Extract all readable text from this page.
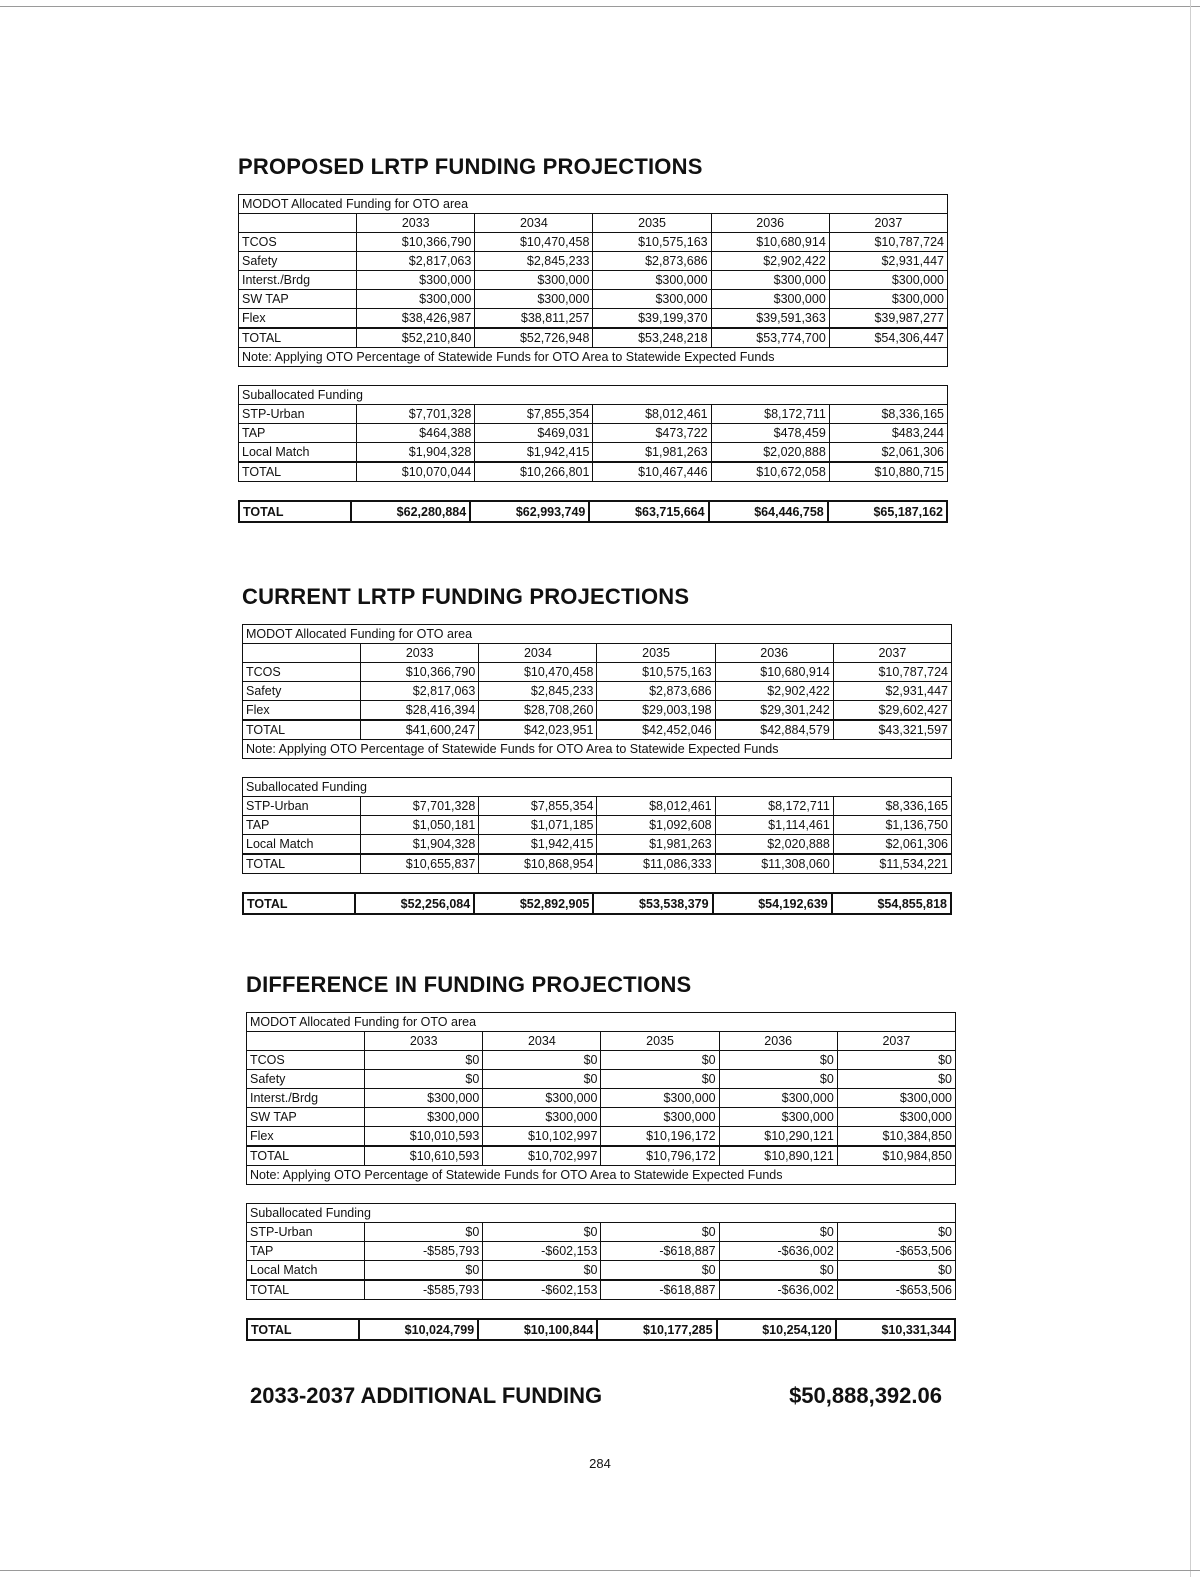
PROPOSED LRTP FUNDING PROJECTIONS
MODOT Allocated Funding for OTO area					
	2033	2034	2035	2036	2037
TCOS	$10,366,790	$10,470,458	$10,575,163	$10,680,914	$10,787,724
Safety	$2,817,063	$2,845,233	$2,873,686	$2,902,422	$2,931,447
Interst./Brdg	$300,000	$300,000	$300,000	$300,000	$300,000
SW TAP	$300,000	$300,000	$300,000	$300,000	$300,000
Flex	$38,426,987	$38,811,257	$39,199,370	$39,591,363	$39,987,277
TOTAL	$52,210,840	$52,726,948	$53,248,218	$53,774,700	$54,306,447
Note: Applying OTO Percentage of Statewide Funds for OTO Area to Statewide Expected Funds					
Suballocated Funding					
STP-Urban	$7,701,328	$7,855,354	$8,012,461	$8,172,711	$8,336,165
TAP	$464,388	$469,031	$473,722	$478,459	$483,244
Local Match	$1,904,328	$1,942,415	$1,981,263	$2,020,888	$2,061,306
TOTAL	$10,070,044	$10,266,801	$10,467,446	$10,672,058	$10,880,715
TOTAL	$62,280,884	$62,993,749	$63,715,664	$64,446,758	$65,187,162
CURRENT LRTP FUNDING PROJECTIONS
MODOT Allocated Funding for OTO area					
	2033	2034	2035	2036	2037
TCOS	$10,366,790	$10,470,458	$10,575,163	$10,680,914	$10,787,724
Safety	$2,817,063	$2,845,233	$2,873,686	$2,902,422	$2,931,447
Flex	$28,416,394	$28,708,260	$29,003,198	$29,301,242	$29,602,427
TOTAL	$41,600,247	$42,023,951	$42,452,046	$42,884,579	$43,321,597
Note: Applying OTO Percentage of Statewide Funds for OTO Area to Statewide Expected Funds					
Suballocated Funding					
STP-Urban	$7,701,328	$7,855,354	$8,012,461	$8,172,711	$8,336,165
TAP	$1,050,181	$1,071,185	$1,092,608	$1,114,461	$1,136,750
Local Match	$1,904,328	$1,942,415	$1,981,263	$2,020,888	$2,061,306
TOTAL	$10,655,837	$10,868,954	$11,086,333	$11,308,060	$11,534,221
TOTAL	$52,256,084	$52,892,905	$53,538,379	$54,192,639	$54,855,818
DIFFERENCE IN FUNDING PROJECTIONS
MODOT Allocated Funding for OTO area					
	2033	2034	2035	2036	2037
TCOS	$0	$0	$0	$0	$0
Safety	$0	$0	$0	$0	$0
Interst./Brdg	$300,000	$300,000	$300,000	$300,000	$300,000
SW TAP	$300,000	$300,000	$300,000	$300,000	$300,000
Flex	$10,010,593	$10,102,997	$10,196,172	$10,290,121	$10,384,850
TOTAL	$10,610,593	$10,702,997	$10,796,172	$10,890,121	$10,984,850
Note: Applying OTO Percentage of Statewide Funds for OTO Area to Statewide Expected Funds					
Suballocated Funding					
STP-Urban	$0	$0	$0	$0	$0
TAP	-$585,793	-$602,153	-$618,887	-$636,002	-$653,506
Local Match	$0	$0	$0	$0	$0
TOTAL	-$585,793	-$602,153	-$618,887	-$636,002	-$653,506
TOTAL	$10,024,799	$10,100,844	$10,177,285	$10,254,120	$10,331,344
2033-2037 ADDITIONAL FUNDING	$50,888,392.06
284
